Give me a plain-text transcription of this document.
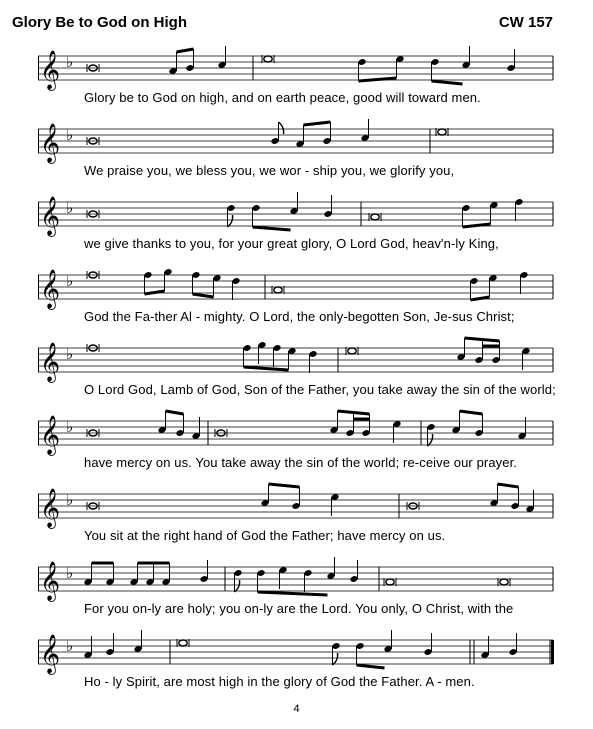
Glory Be to God on High	CW 157
𝄞 ♭
Glory be to God on high, and on earth peace, good will toward men.
𝄞 ♭
We praise you, we bless you, we wor - ship you, we glorify you,
𝄞 ♭
we give thanks to you, for your great glory, O Lord God, heav'n-ly King,
𝄞 ♭
God the Fa-ther Al - mighty. O Lord, the only-begotten Son, Je-sus Christ;
𝄞 ♭
O Lord God, Lamb of God, Son of the Father, you take away the sin of the world;
𝄞 ♭
have mercy on us. You take away the sin of the world; re-ceive our prayer.
𝄞 ♭
You sit at the right hand of God the Father; have mercy on us.
𝄞 ♭
For you on-ly are holy; you on-ly are the Lord. You only, O Christ, with the
𝄞 ♭
Ho - ly Spirit, are most high in the glory of God the Father. A - men.
4
